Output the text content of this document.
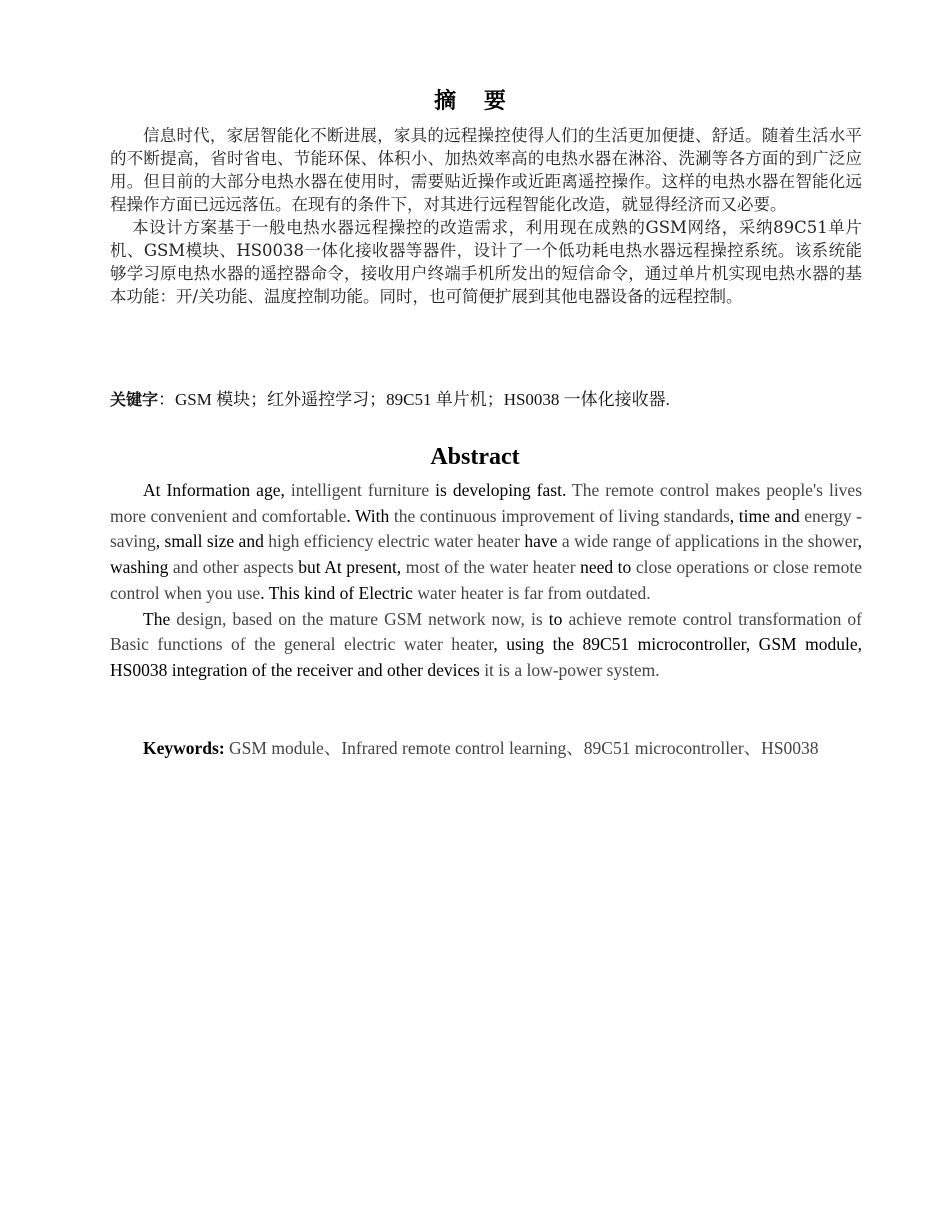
摘 要

信息时代，家居智能化不断进展，家具的远程操控使得人们的生活更加便捷、舒适。随着生活水平的不断提高，省时省电、节能环保、体积小、加热效率高的电热水器在淋浴、洗涮等各方面的到广泛应用。但目前的大部分电热水器在使用时，需要贴近操作或近距离遥控操作。这样的电热水器在智能化远程操作方面已远远落伍。在现有的条件下，对其进行远程智能化改造，就显得经济而又必要。

本设计方案基于一般电热水器远程操控的改造需求，利用现在成熟的GSM网络，采纳89C51单片机、GSM模块、HS0038一体化接收器等器件，设计了一个低功耗电热水器远程操控系统。该系统能够学习原电热水器的遥控器命令，接收用户终端手机所发出的短信命令，通过单片机实现电热水器的基本功能：开/关功能、温度控制功能。同时，也可简便扩展到其他电器设备的远程控制。

关键字：GSM 模块；红外遥控学习；89C51 单片机；HS0038 一体化接收器.
Abstract

At Information age, intelligent furniture is developing fast. The remote control makes people's lives more convenient and comfortable. With the continuous improvement of living standards, time and energy -saving, small size and high efficiency electric water heater have a wide range of applications in the shower, washing and other aspects but At present, most of the water heater need to close operations or close remote control when you use. This kind of Electric water heater is far from outdated.

The design, based on the mature GSM network now, is to achieve remote control transformation of Basic functions of the general electric water heater, using the 89C51 microcontroller, GSM module, HS0038 integration of the receiver and other devices it is a low-power system.

Keywords: GSM module、Infrared remote control learning、89C51 microcontroller、HS0038
